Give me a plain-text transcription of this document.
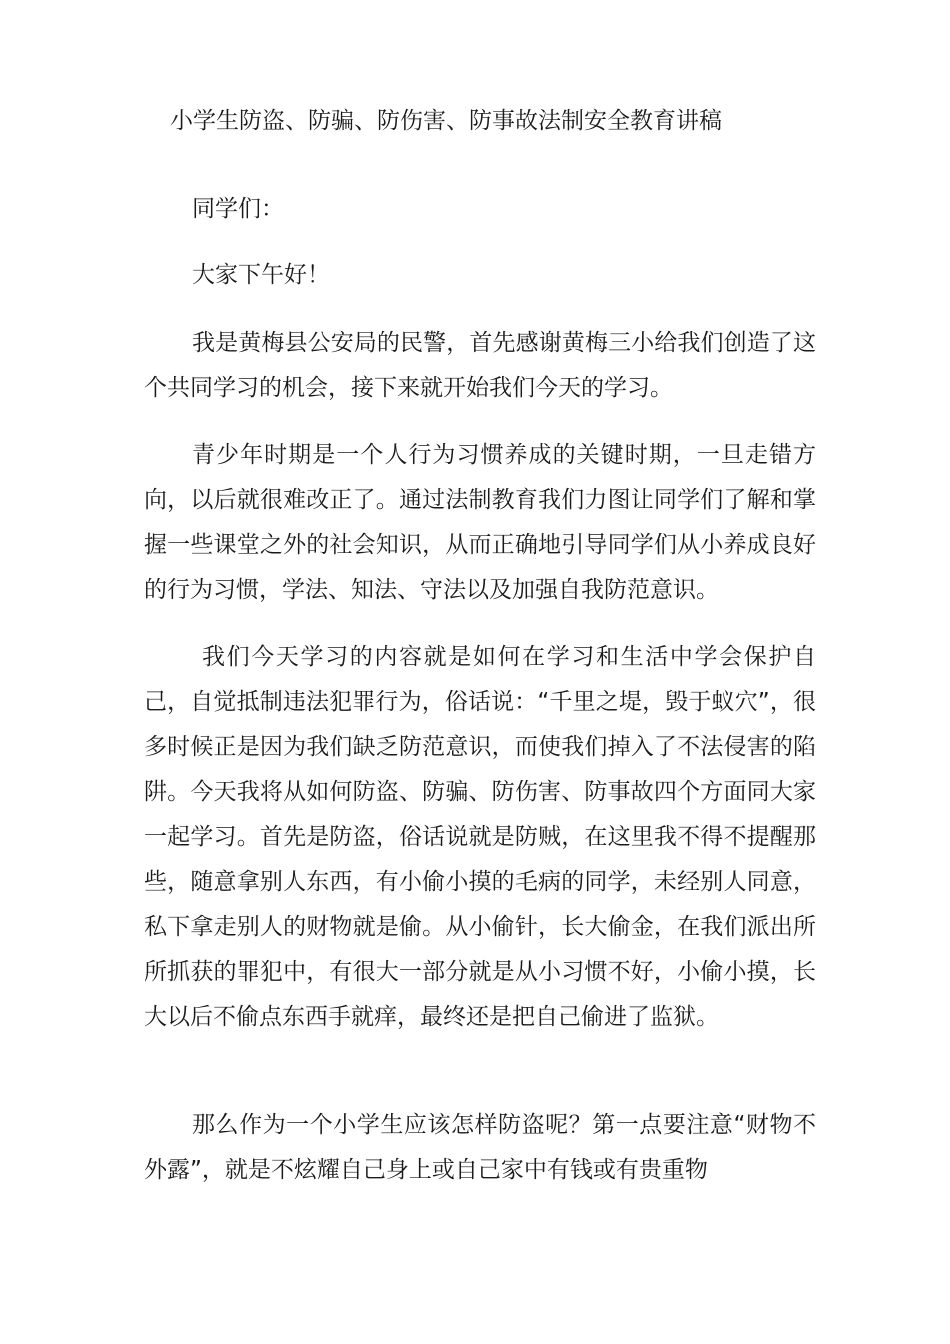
小学生防盗、防骗、防伤害、防事故法制安全教育讲稿

同学们：

大家下午好！

我是黄梅县公安局的民警，首先感谢黄梅三小给我们创造了这个共同学习的机会，接下来就开始我们今天的学习。

青少年时期是一个人行为习惯养成的关键时期，一旦走错方向，以后就很难改正了。通过法制教育我们力图让同学们了解和掌握一些课堂之外的社会知识，从而正确地引导同学们从小养成良好的行为习惯，学法、知法、守法以及加强自我防范意识。

我们今天学习的内容就是如何在学习和生活中学会保护自己，自觉抵制违法犯罪行为，俗话说：“千里之堤，毁于蚁穴”，很多时候正是因为我们缺乏防范意识，而使我们掉入了不法侵害的陷阱。今天我将从如何防盗、防骗、防伤害、防事故四个方面同大家一起学习。首先是防盗，俗话说就是防贼，在这里我不得不提醒那些，随意拿别人东西，有小偷小摸的毛病的同学，未经别人同意，私下拿走别人的财物就是偷。从小偷针，长大偷金，在我们派出所所抓获的罪犯中，有很大一部分就是从小习惯不好，小偷小摸，长大以后不偷点东西手就痒，最终还是把自己偷进了监狱。

那么作为一个小学生应该怎样防盗呢？第一点要注意“财物不外露”，就是不炫耀自己身上或自己家中有钱或有贵重物
